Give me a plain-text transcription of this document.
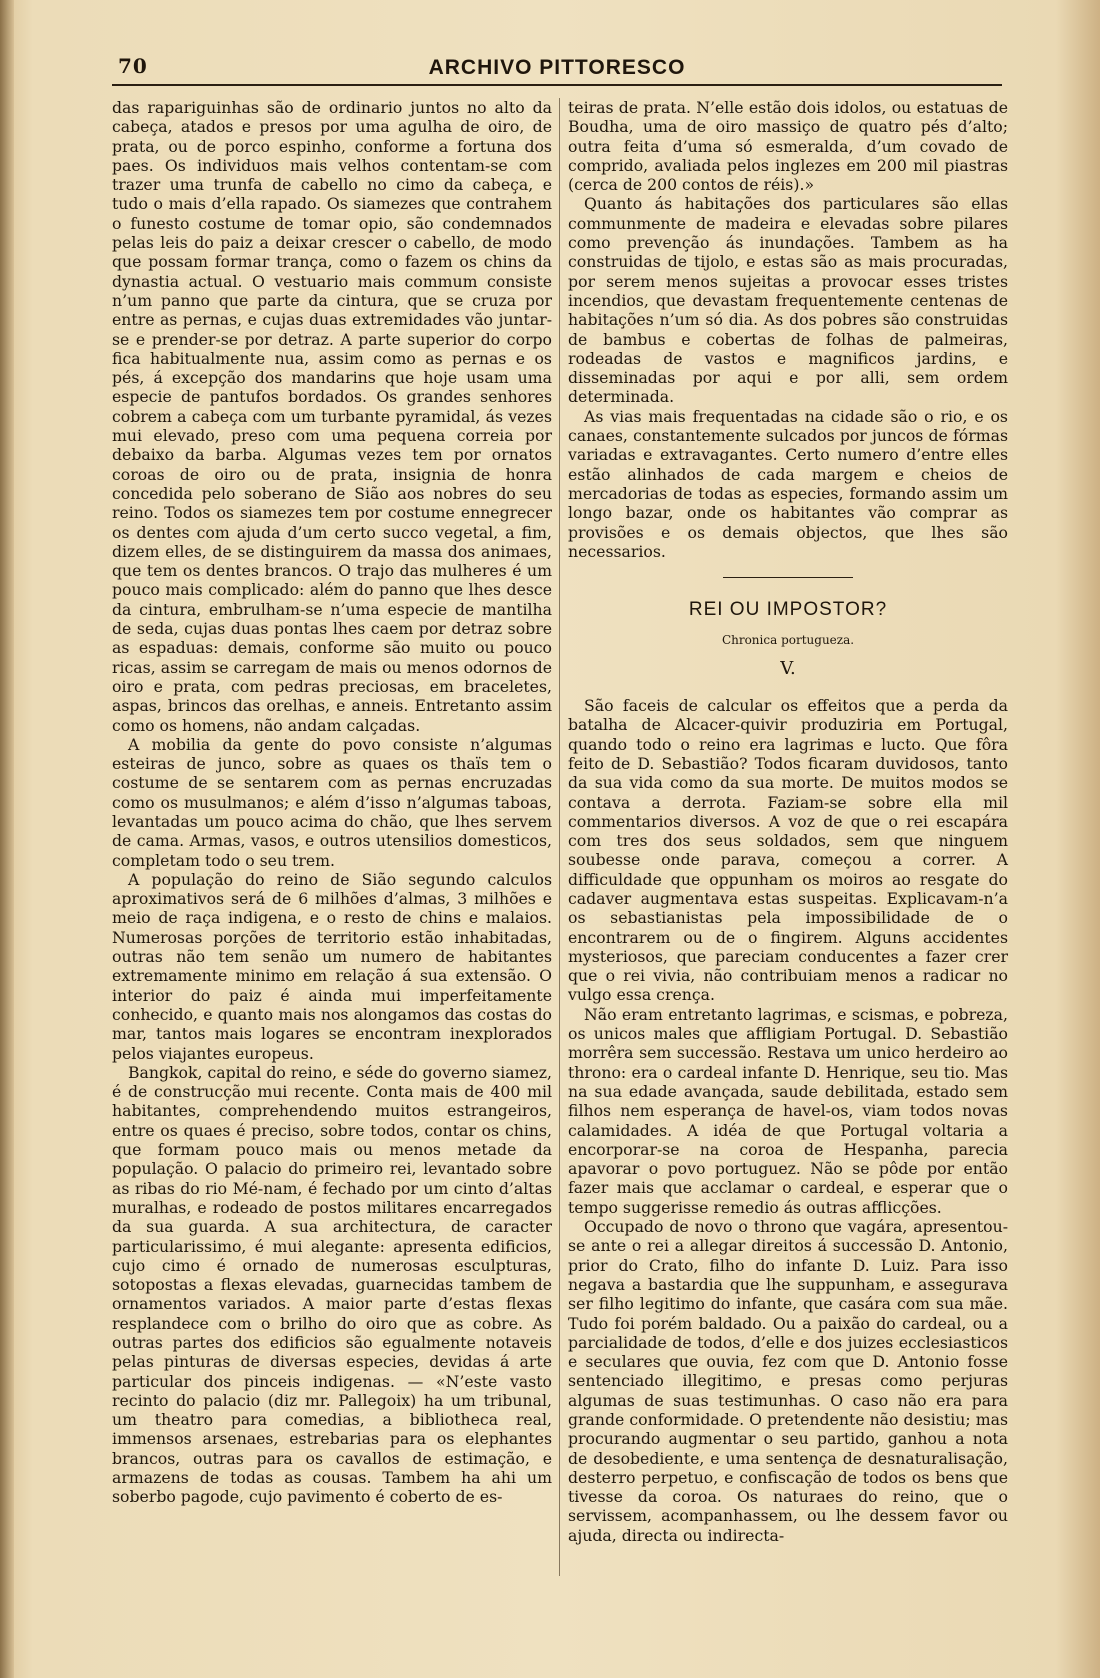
70	ARCHIVO PITTORESCO

das rapariguinhas são de ordinario juntos no alto da cabeça, atados e presos por uma agulha de oiro, de prata, ou de porco espinho, conforme a fortuna dos paes. Os individuos mais velhos contentam-se com trazer uma trunfa de cabello no cimo da cabeça, e tudo o mais d’ella rapado. Os siamezes que contrahem o funesto costume de tomar opio, são condemnados pelas leis do paiz a deixar crescer o cabello, de modo que possam formar trança, como o fazem os chins da dynastia actual. O vestuario mais commum consiste n’um panno que parte da cintura, que se cruza por entre as pernas, e cujas duas extremidades vão juntar-se e prender-se por detraz. A parte superior do corpo fica habitualmente nua, assim como as pernas e os pés, á excepção dos mandarins que hoje usam uma especie de pantufos bordados. Os grandes senhores cobrem a cabeça com um turbante pyramidal, ás vezes mui elevado, preso com uma pequena correia por debaixo da barba. Algumas vezes tem por ornatos coroas de oiro ou de prata, insignia de honra concedida pelo soberano de Sião aos nobres do seu reino. Todos os siamezes tem por costume ennegrecer os dentes com ajuda d’um certo succo vegetal, a fim, dizem elles, de se distinguirem da massa dos animaes, que tem os dentes brancos. O trajo das mulheres é um pouco mais complicado: além do panno que lhes desce da cintura, embrulham-se n’uma especie de mantilha de seda, cujas duas pontas lhes caem por detraz sobre as espaduas: demais, conforme são muito ou pouco ricas, assim se carregam de mais ou menos odornos de oiro e prata, com pedras preciosas, em braceletes, aspas, brincos das orelhas, e anneis. Entretanto assim como os homens, não andam calçadas.

A mobilia da gente do povo consiste n’algumas esteiras de junco, sobre as quaes os thaïs tem o costume de se sentarem com as pernas encruzadas como os musulmanos; e além d’isso n’algumas taboas, levantadas um pouco acima do chão, que lhes servem de cama. Armas, vasos, e outros utensilios domesticos, completam todo o seu trem.

A população do reino de Sião segundo calculos aproximativos será de 6 milhões d’almas, 3 milhões e meio de raça indigena, e o resto de chins e malaios. Numerosas porções de territorio estão inhabitadas, outras não tem senão um numero de habitantes extremamente minimo em relação á sua extensão. O interior do paiz é ainda mui imperfeitamente conhecido, e quanto mais nos alongamos das costas do mar, tantos mais logares se encontram inexplorados pelos viajantes europeus.

Bangkok, capital do reino, e séde do governo siamez, é de construcção mui recente. Conta mais de 400 mil habitantes, comprehendendo muitos estrangeiros, entre os quaes é preciso, sobre todos, contar os chins, que formam pouco mais ou menos metade da população. O palacio do primeiro rei, levantado sobre as ribas do rio Mé-nam, é fechado por um cinto d’altas muralhas, e rodeado de postos militares encarregados da sua guarda. A sua architectura, de caracter particularissimo, é mui alegante: apresenta edificios, cujo cimo é ornado de numerosas esculpturas, sotopostas a flexas elevadas, guarnecidas tambem de ornamentos variados. A maior parte d’estas flexas resplandece com o brilho do oiro que as cobre. As outras partes dos edificios são egualmente notaveis pelas pinturas de diversas especies, devidas á arte particular dos pinceis indigenas. — «N’este vasto recinto do palacio (diz mr. Pallegoix) ha um tribunal, um theatro para comedias, a bibliotheca real, immensos arsenaes, estrebarias para os elephantes brancos, outras para os cavallos de estimação, e armazens de todas as cousas. Tambem ha ahi um soberbo pagode, cujo pavimento é coberto de es-

teiras de prata. N’elle estão dois idolos, ou estatuas de Boudha, uma de oiro massiço de quatro pés d’alto; outra feita d’uma só esmeralda, d’um covado de comprido, avaliada pelos inglezes em 200 mil piastras (cerca de 200 contos de réis).»

Quanto ás habitações dos particulares são ellas communmente de madeira e elevadas sobre pilares como prevenção ás inundações. Tambem as ha construidas de tijolo, e estas são as mais procuradas, por serem menos sujeitas a provocar esses tristes incendios, que devastam frequentemente centenas de habitações n’um só dia. As dos pobres são construidas de bambus e cobertas de folhas de palmeiras, rodeadas de vastos e magnificos jardins, e disseminadas por aqui e por alli, sem ordem determinada.

As vias mais frequentadas na cidade são o rio, e os canaes, constantemente sulcados por juncos de fórmas variadas e extravagantes. Certo numero d’entre elles estão alinhados de cada margem e cheios de mercadorias de todas as especies, formando assim um longo bazar, onde os habitantes vão comprar as provisões e os demais objectos, que lhes são necessarios.

REI OU IMPOSTOR?
Chronica portugueza.
V.

São faceis de calcular os effeitos que a perda da batalha de Alcacer-quivir produziria em Portugal, quando todo o reino era lagrimas e lucto. Que fôra feito de D. Sebastião? Todos ficaram duvidosos, tanto da sua vida como da sua morte. De muitos modos se contava a derrota. Faziam-se sobre ella mil commentarios diversos. A voz de que o rei escapára com tres dos seus soldados, sem que ninguem soubesse onde parava, começou a correr. A difficuldade que oppunham os moiros ao resgate do cadaver augmentava estas suspeitas. Explicavam-n’a os sebastianistas pela impossibilidade de o encontrarem ou de o fingirem. Alguns accidentes mysteriosos, que pareciam conducentes a fazer crer que o rei vivia, não contribuiam menos a radicar no vulgo essa crença.

Não eram entretanto lagrimas, e scismas, e pobreza, os unicos males que affligiam Portugal. D. Sebastião morrêra sem succes​são. Restava um unico herdeiro ao throno: era o cardeal infante D. Henrique, seu tio. Mas na sua edade avançada, saude debilitada, estado sem filhos nem esperança de havel-os, viam todos novas calamidades. A idéa de que Portugal voltaria a encorporar-se na coroa de Hespanha, parecia apavorar o povo portuguez. Não se pôde por então fazer mais que acclamar o cardeal, e esperar que o tempo suggerisse remedio ás outras afflicções.

Occupado de novo o throno que vagára, apresentou-se ante o rei a allegar direitos á successão D. Antonio, prior do Crato, filho do infante D. Luiz. Para isso negava a bastardia que lhe suppunham, e assegurava ser filho legitimo do infante, que casára com sua mãe. Tudo foi porém baldado. Ou a paixão do cardeal, ou a parcialidade de todos, d’elle e dos juizes ecclesiasticos e seculares que ouvia, fez com que D. Antonio fosse sentenciado illegitimo, e presas como perjuras algumas de suas testimunhas. O caso não era para grande conformidade. O pretendente não desistiu; mas procurando augmentar o seu partido, ganhou a nota de desobediente, e uma sentença de desnaturalisação, desterro perpetuo, e confiscação de todos os bens que tivesse da coroa. Os naturaes do reino, que o servissem, acompanhassem, ou lhe dessem favor ou ajuda, directa ou indirecta-
